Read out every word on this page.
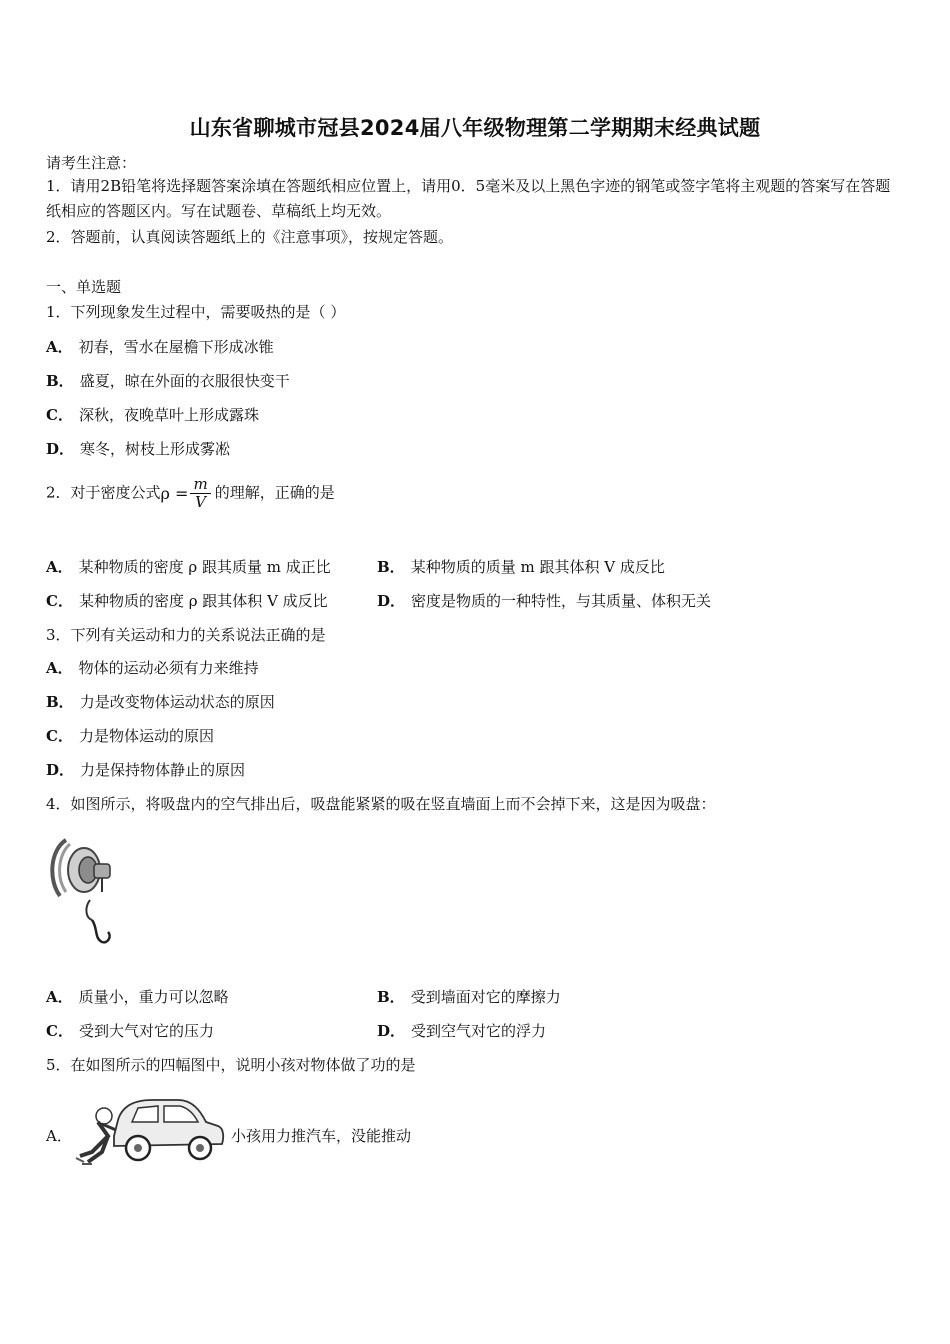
山东省聊城市冠县2024届八年级物理第二学期期末经典试题
请考生注意：
1．请用2B铅笔将选择题答案涂填在答题纸相应位置上，请用0．5毫米及以上黑色字迹的钢笔或签字笔将主观题的答案写在答题纸相应的答题区内。写在试题卷、草稿纸上均无效。
2．答题前，认真阅读答题纸上的《注意事项》，按规定答题。
一、单选题
1．下列现象发生过程中，需要吸热的是（ ）
A． 初春，雪水在屋檐下形成冰锥
B． 盛夏，晾在外面的衣服很快变干
C． 深秋，夜晚草叶上形成露珠
D． 寒冬，树枝上形成雾凇
2．对于密度公式$\rho = \frac{m}{V}$ 的理解，正确的是
A． 某种物质的密度 ρ 跟其质量 m 成正比	B． 某种物质的质量 m 跟其体积 V 成反比
C． 某种物质的密度 ρ 跟其体积 V 成反比	D． 密度是物质的一种特性，与其质量、体积无关
3．下列有关运动和力的关系说法正确的是
A． 物体的运动必须有力来维持
B． 力是改变物体运动状态的原因
C． 力是物体运动的原因
D． 力是保持物体静止的原因
4．如图所示，将吸盘内的空气排出后，吸盘能紧紧的吸在竖直墙面上而不会掉下来，这是因为吸盘：
A． 质量小，重力可以忽略	B． 受到墙面对它的摩擦力
C． 受到大气对它的压力	D． 受到空气对它的浮力
5．在如图所示的四幅图中，说明小孩对物体做了功的是
A．	小孩用力推汽车，没能推动
